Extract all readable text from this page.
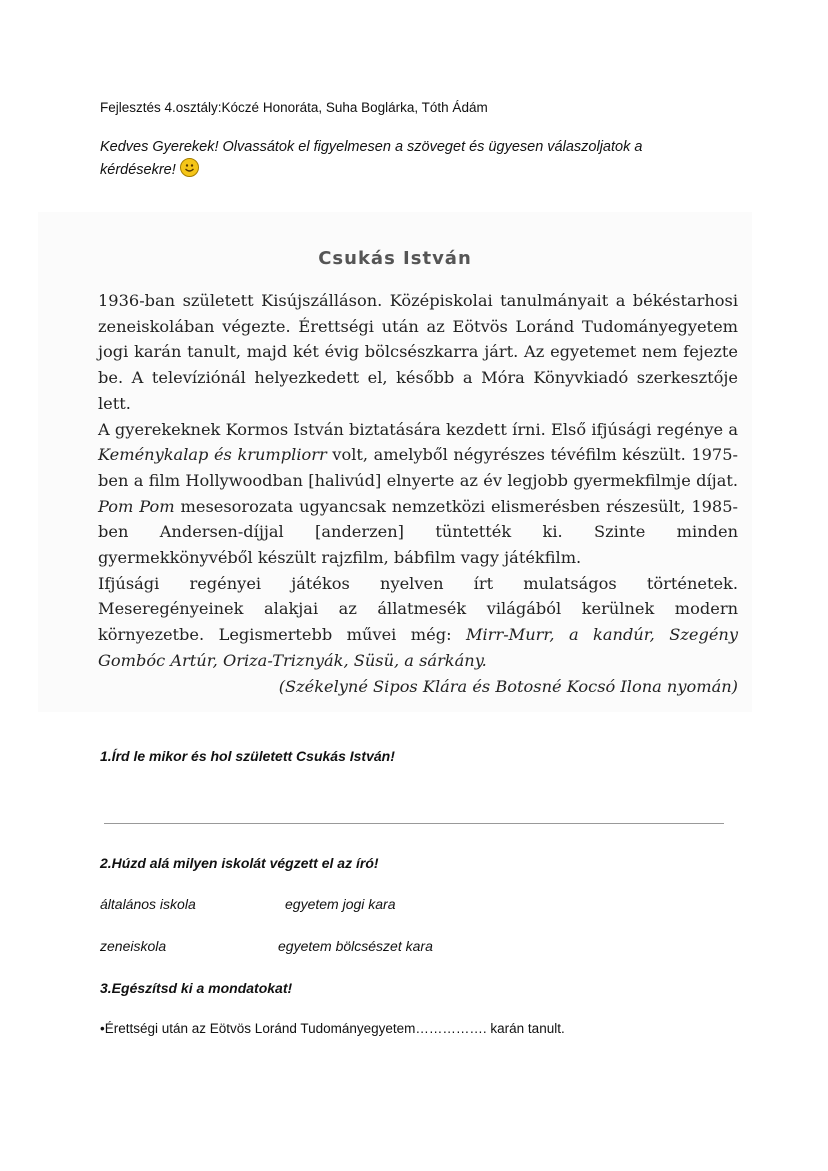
Fejlesztés 4.osztály:Kóczé Honoráta, Suha Boglárka, Tóth Ádám
Kedves Gyerekek! Olvassátok el figyelmesen a szöveget és ügyesen válaszoljatok a kérdésekre!
Csukás István

1936-ban született Kisújszálláson. Középiskolai tanulmányait a békéstarhosi zeneiskolában végezte. Érettségi után az Eötvös Loránd Tudományegyetem jogi karán tanult, majd két évig bölcsészkarra járt. Az egyetemet nem fejezte be. A televíziónál helyezkedett el, később a Móra Könyvkiadó szerkesztője lett.

A gyerekeknek Kormos István biztatására kezdett írni. Első ifjúsági regénye a Keménykalap és krumpliorr volt, amelyből négyrészes tévéfilm készült. 1975-ben a film Hollywoodban [halivúd] elnyerte az év legjobb gyermekfilmje díjat. Pom Pom mesesorozata ugyancsak nemzetközi elismerésben részesült, 1985-ben Andersen-díjjal [anderzen] tüntették ki. Szinte minden gyermekkönyvéből készült rajzfilm, bábfilm vagy játékfilm.

Ifjúsági regényei játékos nyelven írt mulatságos történetek. Meseregényeinek alakjai az állatmesék világából kerülnek modern környezetbe. Legismertebb művei még: Mirr-Murr, a kandúr, Szegény Gombóc Artúr, Oriza-Triznyák, Süsü, a sárkány.

(Székelyné Sipos Klára és Botosné Kocsó Ilona nyomán)

1.Írd le mikor és hol született Csukás István!
2.Húzd alá milyen iskolát végzett el az író!
általános iskola	egyetem jogi kara
zeneiskola	egyetem bölcsészet kara
3.Egészítsd ki a mondatokat!
•Érettségi után az Eötvös Loránd Tudományegyetem……………. karán tanult.
